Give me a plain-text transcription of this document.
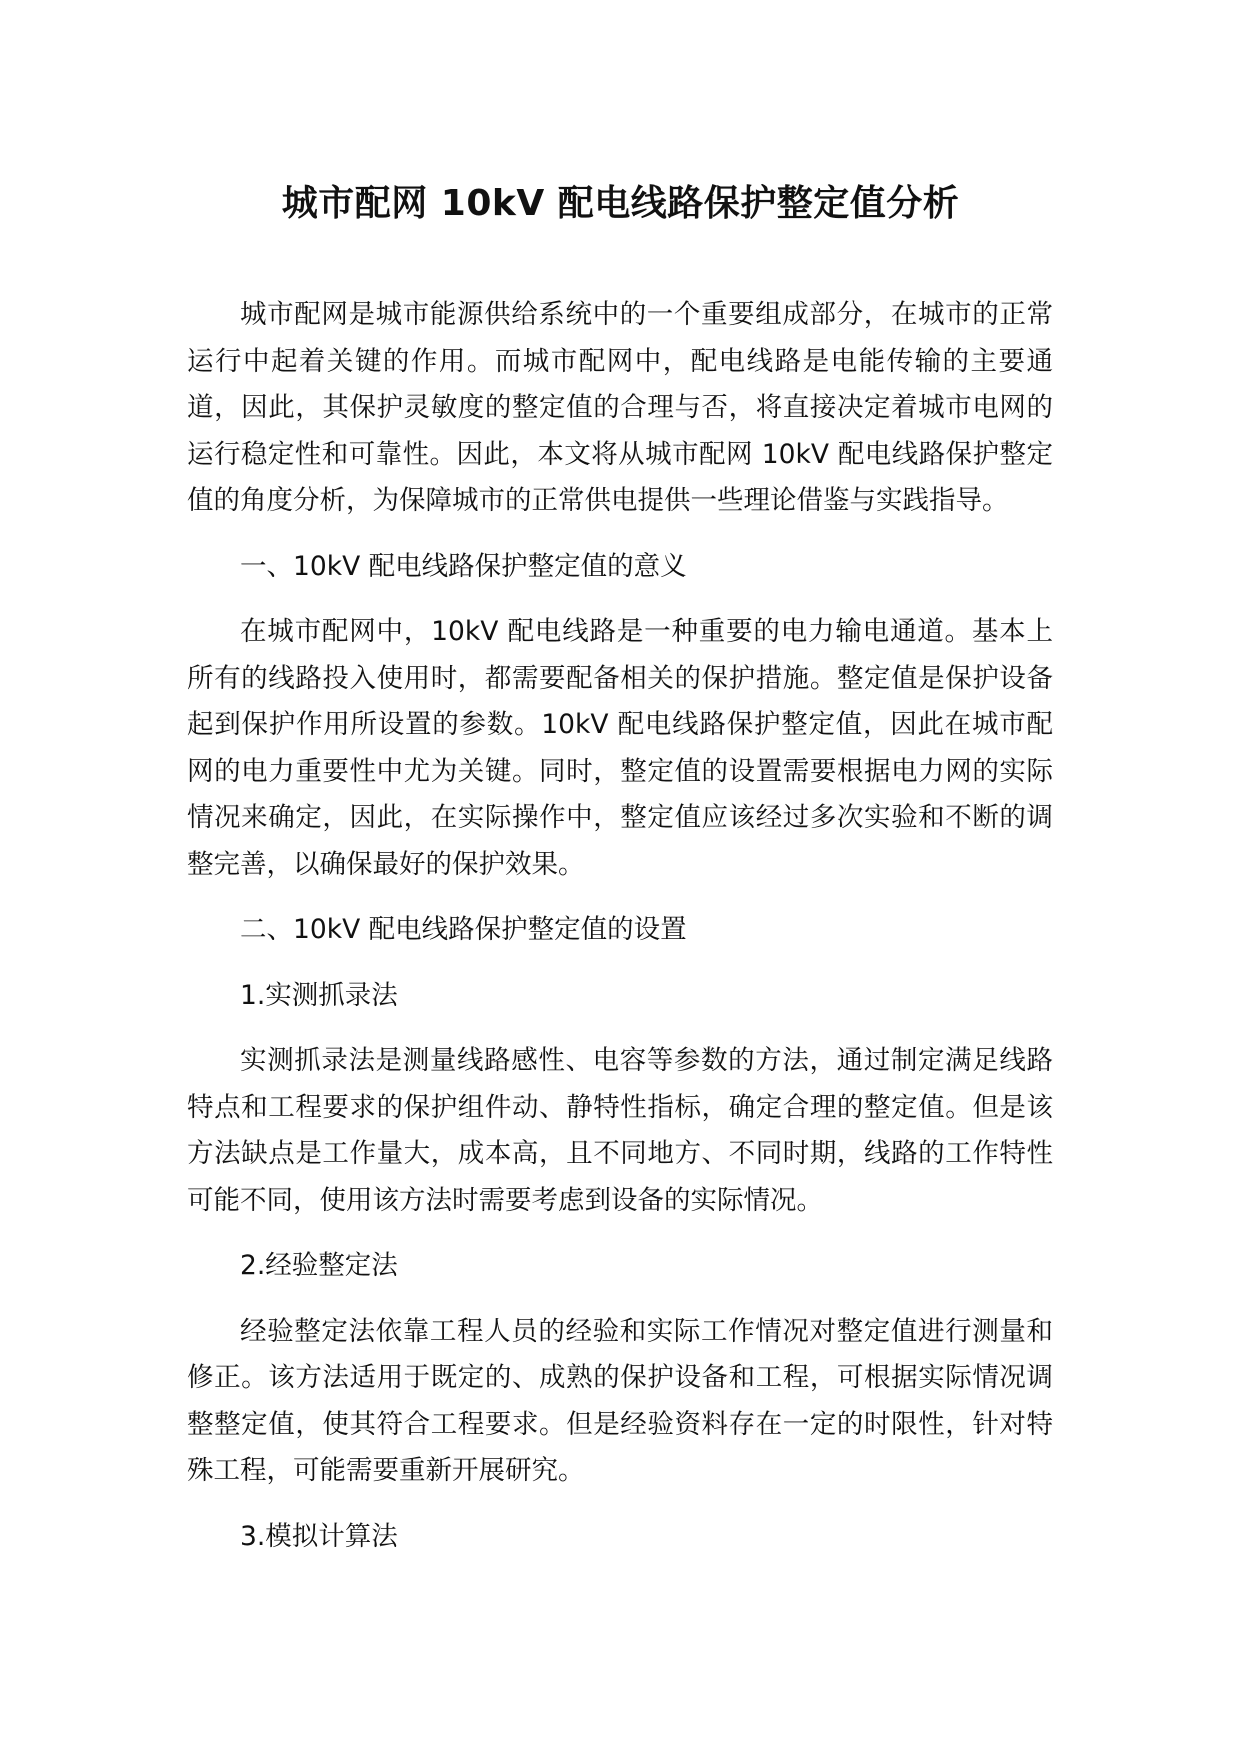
城市配网 10kV 配电线路保护整定值分析

城市配网是城市能源供给系统中的一个重要组成部分，在城市的正常运行中起着关键的作用。而城市配网中，配电线路是电能传输的主要通道，因此，其保护灵敏度的整定值的合理与否，将直接决定着城市电网的运行稳定性和可靠性。因此，本文将从城市配网 10kV 配电线路保护整定值的角度分析，为保障城市的正常供电提供一些理论借鉴与实践指导。

一、10kV 配电线路保护整定值的意义

在城市配网中，10kV 配电线路是一种重要的电力输电通道。基本上所有的线路投入使用时，都需要配备相关的保护措施。整定值是保护设备起到保护作用所设置的参数。10kV 配电线路保护整定值，因此在城市配网的电力重要性中尤为关键。同时，整定值的设置需要根据电力网的实际情况来确定，因此，在实际操作中，整定值应该经过多次实验和不断的调整完善，以确保最好的保护效果。

二、10kV 配电线路保护整定值的设置

1.实测抓录法

实测抓录法是测量线路感性、电容等参数的方法，通过制定满足线路特点和工程要求的保护组件动、静特性指标，确定合理的整定值。但是该方法缺点是工作量大，成本高，且不同地方、不同时期，线路的工作特性可能不同，使用该方法时需要考虑到设备的实际情况。

2.经验整定法

经验整定法依靠工程人员的经验和实际工作情况对整定值进行测量和修正。该方法适用于既定的、成熟的保护设备和工程，可根据实际情况调整整定值，使其符合工程要求。但是经验资料存在一定的时限性，针对特殊工程，可能需要重新开展研究。

3.模拟计算法
